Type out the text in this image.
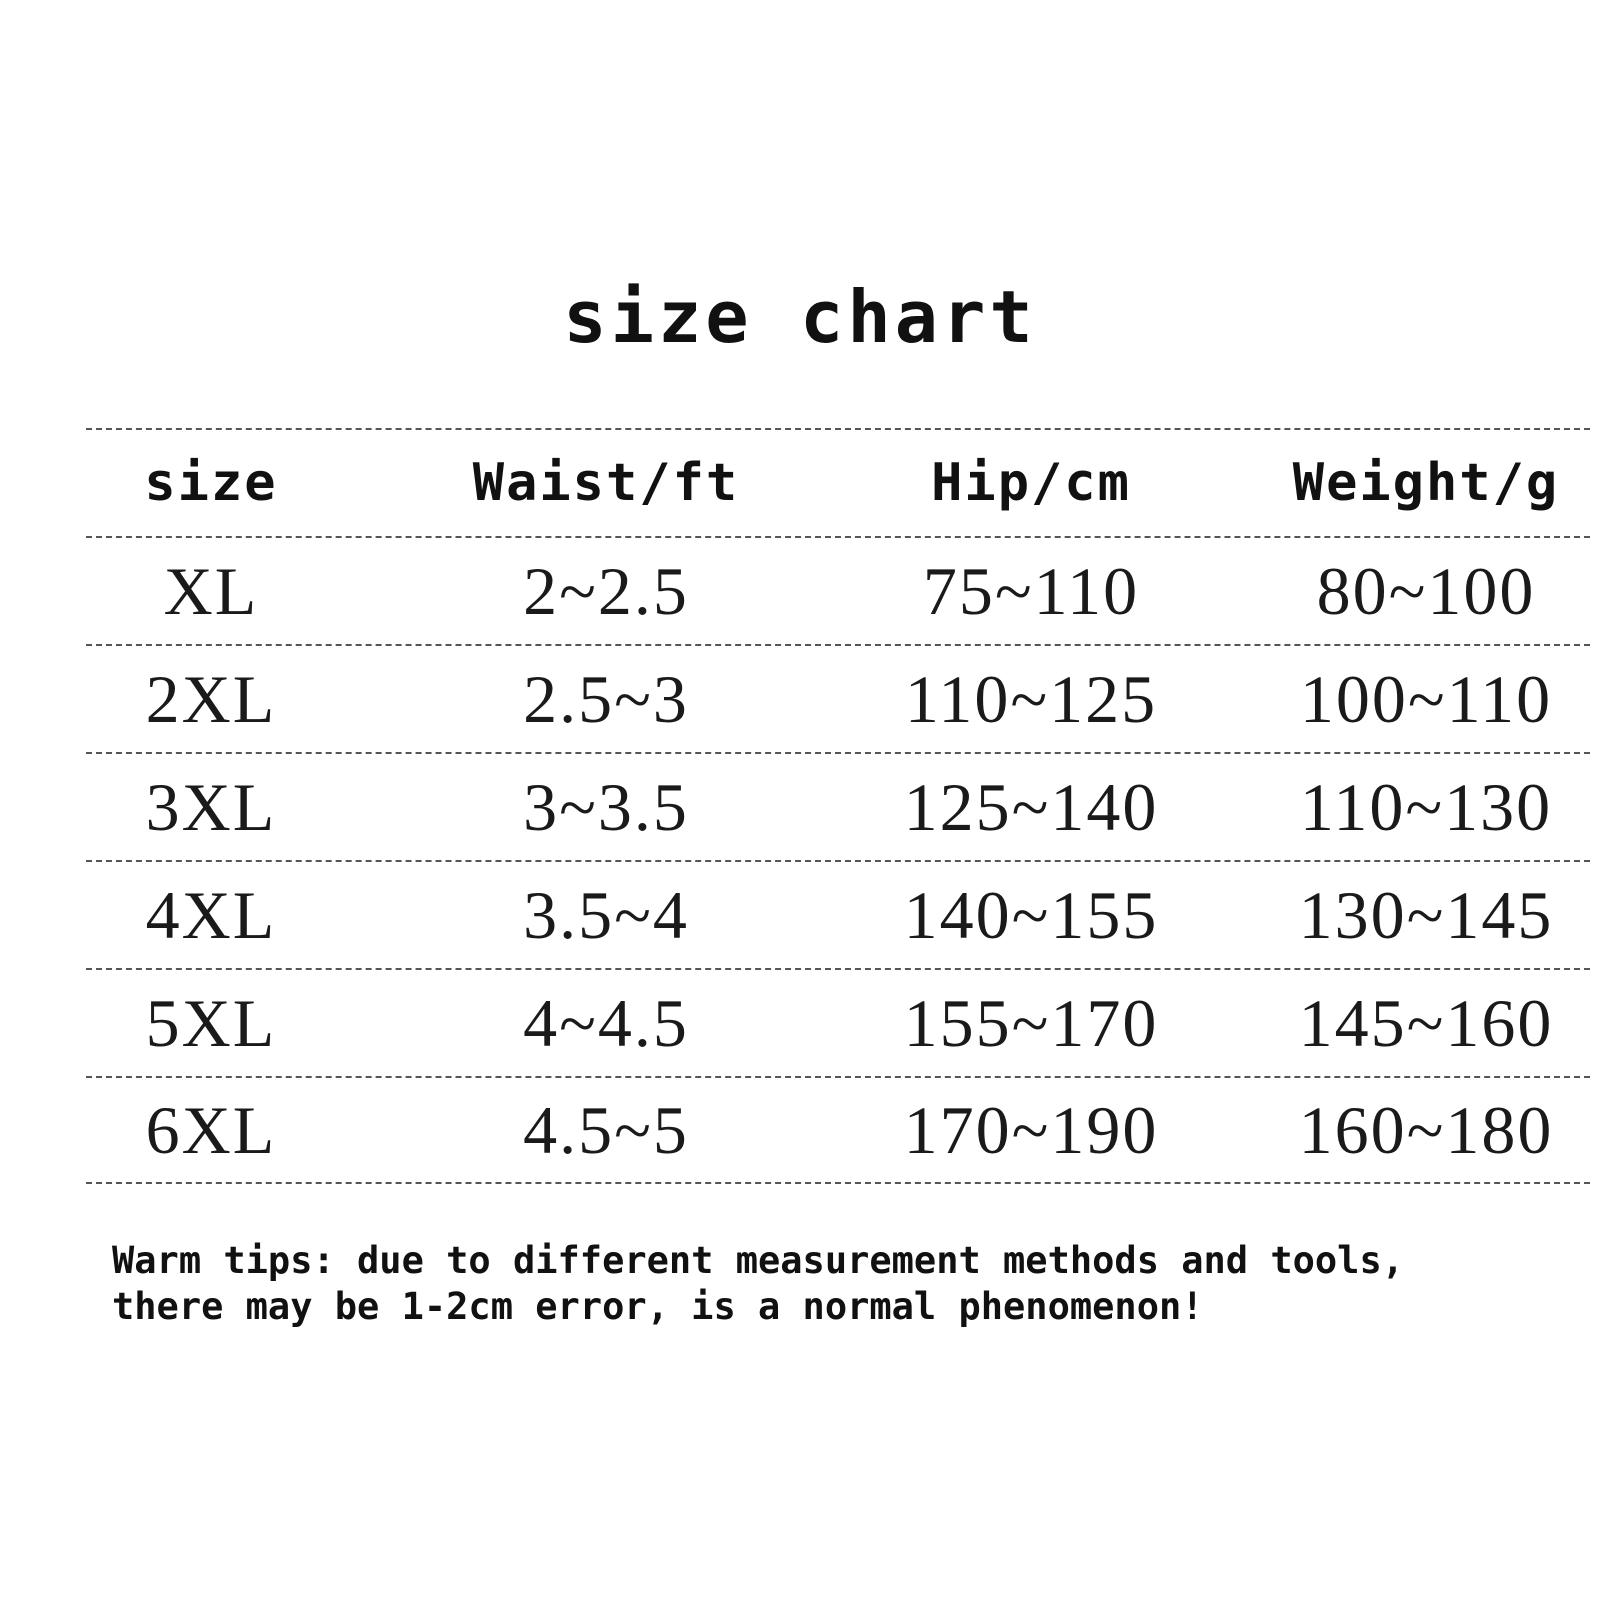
size chart
size	Waist/ft	Hip/cm	Weight/g
XL	2~2.5	75~110	80~100
2XL	2.5~3	110~125	100~110
3XL	3~3.5	125~140	110~130
4XL	3.5~4	140~155	130~145
5XL	4~4.5	155~170	145~160
6XL	4.5~5	170~190	160~180
Warm tips: due to different measurement methods and tools,
there may be 1-2cm error, is a normal phenomenon!
